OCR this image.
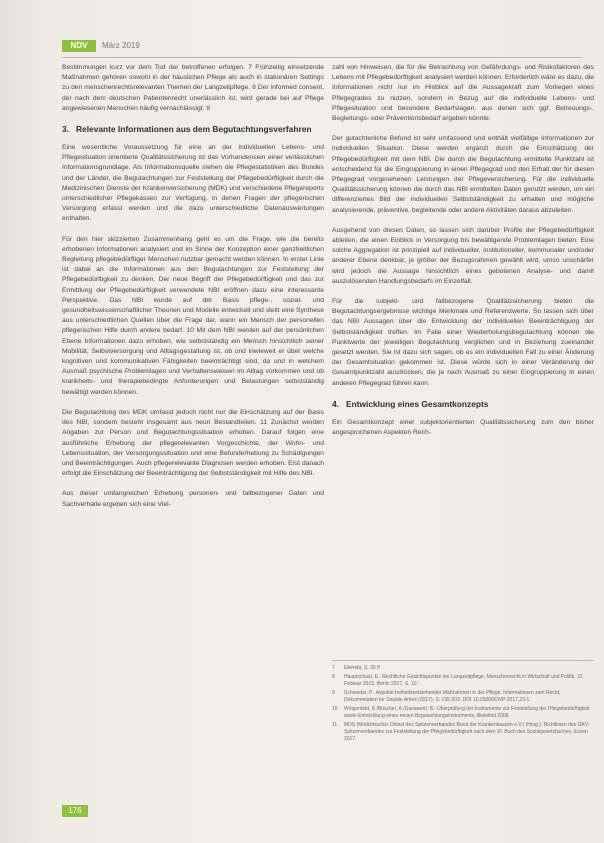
NDV	März 2019

Bestimmungen kurz vor dem Tod der betroffenen erfolgen. 7 Frühzeitig einsetzende Maßnahmen gehören sowohl in der häuslichen Pflege als auch in stationären Settings zu den menschenrechtsrelevanten Themen der Langzeitpflege. 8 Der informed consent, der nach dem deutschen Patientenrecht unerlässlich ist, wird gerade bei auf Pflege angewiesenen Menschen häufig vernachlässigt. 9

3. Relevante Informationen aus dem Begutachtungsverfahren

Eine wesentliche Voraussetzung für eine an der individuellen Lebens- und Pflegesituation orientierte Qualitätssicherung ist das Vorhandensein einer verlässlichen Informationsgrundlage. Als Informationsquelle stehen die Pflegestatistiken des Bundes und der Länder, die Begutachtungen zur Feststellung der Pflegebedürftigkeit durch die Medizinischen Dienste der Krankenversicherung (MDK) und verschiedene Pflegereports unterschiedlicher Pflegekassen zur Verfügung, in denen Fragen der pflegerischen Versorgung erfasst werden und die dazu unterschiedliche Datenauswertungen enthalten.

Für den hier skizzierten Zusammenhang geht es um die Frage, wie die bereits erhobenen Informationen analysiert und im Sinne der Konzeption einer ganzheitlichen Begleitung pflegebedürftiger Menschen nutzbar gemacht werden können. In erster Linie ist dabei an die Informationen aus den Begutachtungen zur Feststellung der Pflegebedürftigkeit zu denken. Der neue Begriff der Pflegebedürftigkeit und das zur Ermittlung der Pflegebedürftigkeit verwendete NBI eröffnen dazu eine interessante Perspektive. Das NBI wurde auf der Basis pflege-, sozial- und gesundheitswissenschaftlicher Theorien und Modelle entwickelt und stellt eine Synthese aus unterschiedlichen Quellen über die Frage dar, wann ein Mensch der personellen pflegerischen Hilfe durch andere bedarf. 10 Mit dem NBI werden auf der persönlichen Ebene Informationen dazu erhoben, wie selbstständig ein Mensch hinsichtlich seiner Mobilität, Selbstversorgung und Alltagsgestaltung ist, ob und inwieweit er über welche kognitiven und kommunikativen Fähigkeiten beeinträchtigt sind, da und in welchem Ausmaß psychische Problemlagen und Verhaltensweisen im Alltag vorkommen und ob krankheits- und therapiebedingte Anforderungen und Belastungen selbstständig bewältigt werden können.

Die Begutachtung des MDK umfasst jedoch nicht nur die Einschätzung auf der Basis des NBI, sondern besteht insgesamt aus neun Bestandteilen. 11 Zunächst werden Angaben zur Person und Begutachtungssituation erhoben. Darauf folgen eine ausführliche Erhebung der pflegerelevanten Vorgeschichte, der Wohn- und Lebenssituation, der Versorgungssituation und eine Befunderhebung zu Schädigungen und Beeinträchtigungen. Auch pflegerelevante Diagnosen werden erhoben. Erst danach erfolgt die Einschätzung der Beeinträchtigung der Selbstständigkeit mit Hilfe des NBI.

Aus dieser umfangreichen Erhebung personen- und fallbezogener Daten und Sachverhalte ergeben sich eine Viel-

zahl von Hinweisen, die für die Betrachtung von Gefährdungs- und Risikofaktoren des Lebens mit Pflegebedürftigkeit analysiert werden können. Erforderlich wäre es dazu, die Informationen nicht nur im Hinblick auf die Aussagekraft zum Vorliegen eines Pflegegrades zu nutzen, sondern in Bezug auf die individuelle Lebens- und Pflegesituation und besondere Bedarfslagen, aus denen sich ggf. Betreuungs-, Begleitungs- oder Präventionsbedarf ergeben könnte.

Der gutachterliche Befund ist sehr umfassend und enthält vielfältige Informationen zur individuellen Situation. Diese werden ergänzt durch die Einschätzung der Pflegebedürftigkeit mit dem NBI. Die durch die Begutachtung ermittelte Punktzahl ist entscheidend für die Eingruppierung in einen Pflegegrad und den Erhalt der für diesen Pflegegrad vorgesehenen Leistungen der Pflegeversicherung. Für die individuelle Qualitätssicherung können die durch das NBI ermittelten Daten genutzt werden, um ein differenziertes Bild der individuellen Selbstständigkeit zu erhalten und mögliche analysierende, präventive, begleitende oder andere Aktivitäten daraus abzuleiten.

Ausgehend von diesen Daten, so lassen sich darüber Profile der Pflegebedürftigkeit ableiten, die einen Einblick in Versorgung bis bewältigende Problemlagen bieten. Eine solche Aggregation ist prinzipiell auf individueller, institutioneller, kommunaler und/oder anderer Ebene denkbar, je größer der Bezugsrahmen gewählt wird, umso unschärfer wird jedoch die Aussage hinsichtlich eines gebotenen Analyse- und damit auszulösenden Handlungsbedarfs im Einzelfall.

Für die subjekt- und fallbezogene Qualitätssicherung bieten die Begutachtungsergebnisse wichtige Merkmale und Referenzwerte. So lassen sich über das NBI Aussagen über die Entwicklung der individuellen Beeinträchtigung der Selbstständigkeit treffen. Im Falle einer Wiederholungsbegutachtung können die Punktwerte der jeweiligen Begutachtung verglichen und in Beziehung zueinander gesetzt werden. Sie ist dazu sich sagen, ob es ein individuellen Fall zu einer Änderung der Gesamtsituation gekommen ist. Diese würde sich in einer Veränderung der Gesamtpunktzahl ausdrücken, die je nach Ausmaß zu einer Eingruppierung in einen anderen Pflegegrad führen kann.

4. Entwicklung eines Gesamtkonzepts

Ein Gesamtkonzept einer subjektorientierten Qualitätssicherung zum den bisher angesprochenen Aspekten Rech-

7	Ebenda, S. 26 ff.
8	Hauptschaal, E.: Rechtliche Gesichtspunkte der Langzeitpflege, Menschenrecht in Wirtschaft und Politik, 12. Februar 2015, Berlin 2017, S. 10.
9	Schneider, P.: Aspekte freiheitsentziehender Maßnahmen in der Pflege. Informationen zum Recht, Dokumentation für Soziale Arbeit (2017), S. 195-203. DOI 10.25000/DVP 2017.23-1.
10	Wingenfeld, K./Büscher, A./Gansweid, B.: Überprüfung der Instrumente zur Feststellung der Pflegebedürftigkeit sowie Entwicklung eines neuen Begutachtungsinstruments, Bielefeld 2008.
11	MDS (Medizinischer Dienst des Spitzenverbandes Bund der Krankenkassen e.V.) (Hrsg.): Richtlinien des GKV-Spitzenverbandes zur Feststellung der Pflegebedürftigkeit nach dem XI. Buch des Sozialgesetzbuches, Essen 2017.
176
